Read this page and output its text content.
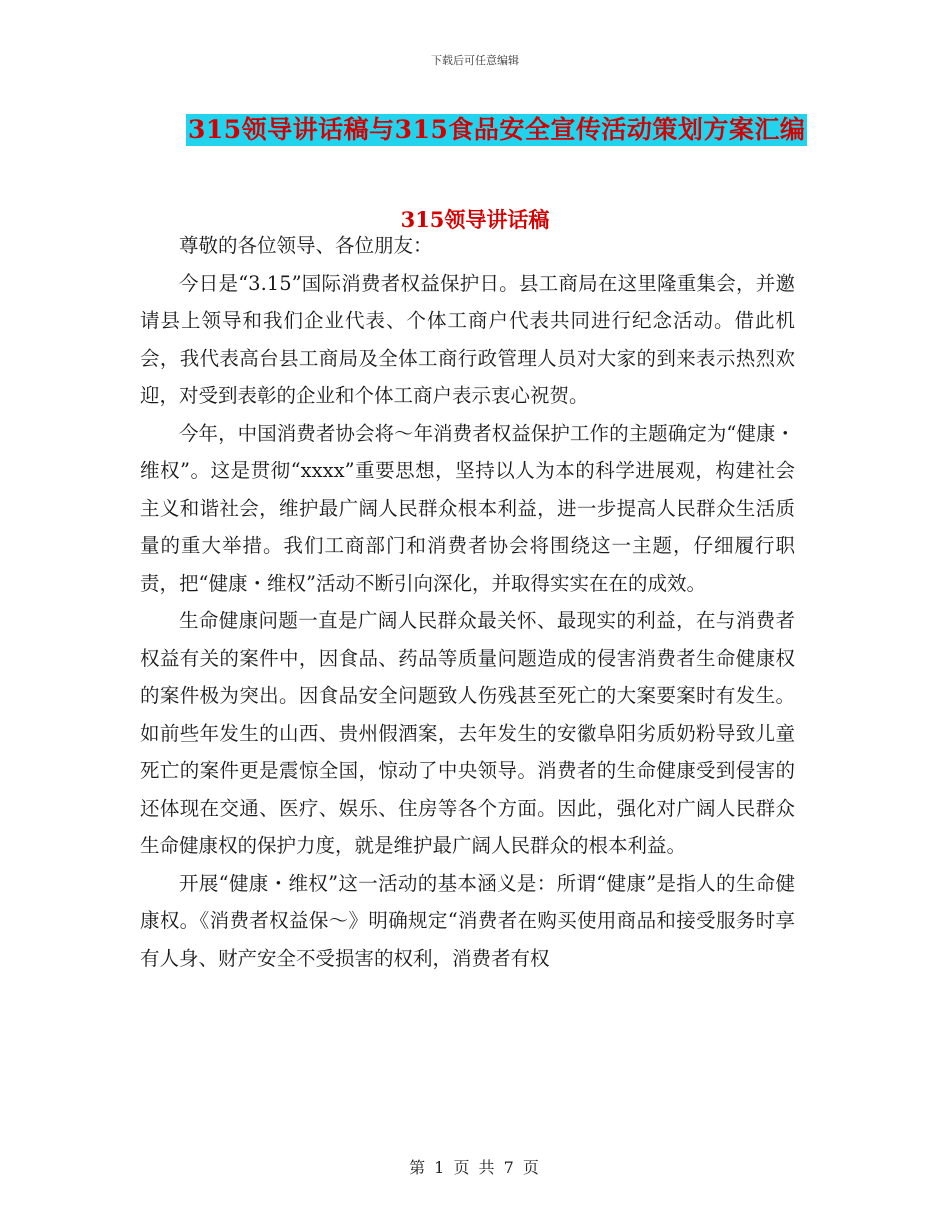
下载后可任意编辑
315领导讲话稿与315食品安全宣传活动策划方案汇编
315领导讲话稿

尊敬的各位领导、各位朋友：

今日是“3.15”国际消费者权益保护日。县工商局在这里隆重集会，并邀请县上领导和我们企业代表、个体工商户代表共同进行纪念活动。借此机会，我代表高台县工商局及全体工商行政管理人员对大家的到来表示热烈欢迎，对受到表彰的企业和个体工商户表示衷心祝贺。

今年，中国消费者协会将～年消费者权益保护工作的主题确定为“健康・维权”。这是贯彻“xxxx”重要思想，坚持以人为本的科学进展观，构建社会主义和谐社会，维护最广阔人民群众根本利益，进一步提高人民群众生活质量的重大举措。我们工商部门和消费者协会将围绕这一主题，仔细履行职责，把“健康・维权”活动不断引向深化，并取得实实在在的成效。

生命健康问题一直是广阔人民群众最关怀、最现实的利益，在与消费者权益有关的案件中，因食品、药品等质量问题造成的侵害消费者生命健康权的案件极为突出。因食品安全问题致人伤残甚至死亡的大案要案时有发生。如前些年发生的山西、贵州假酒案，去年发生的安徽阜阳劣质奶粉导致儿童死亡的案件更是震惊全国，惊动了中央领导。消费者的生命健康受到侵害的还体现在交通、医疗、娱乐、住房等各个方面。因此，强化对广阔人民群众生命健康权的保护力度，就是维护最广阔人民群众的根本利益。

开展“健康・维权”这一活动的基本涵义是：所谓“健康”是指人的生命健康权。《消费者权益保～》明确规定“消费者在购买使用商品和接受服务时享有人身、财产安全不受损害的权利，消费者有权

第 1 页 共 7 页
